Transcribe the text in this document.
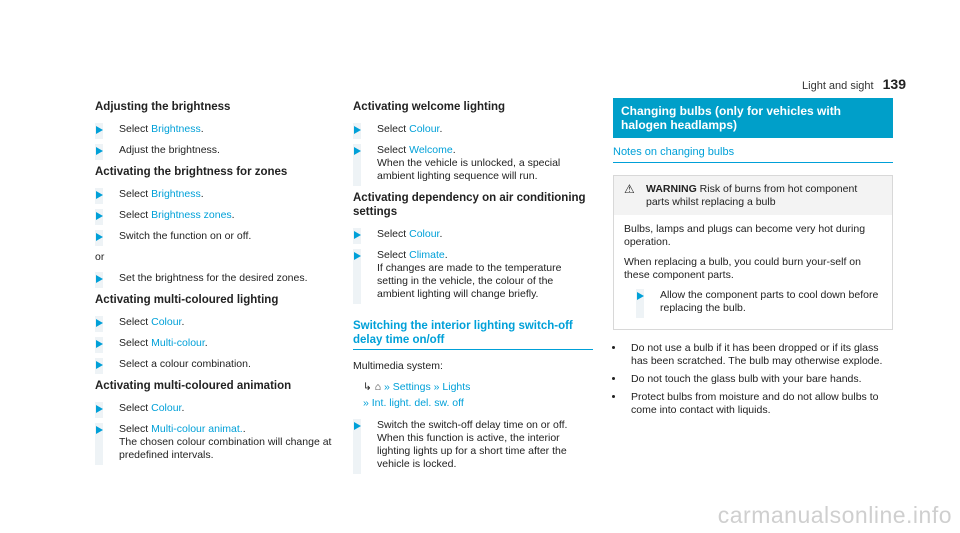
Light and sight 139
Adjusting the brightness
Select Brightness.
Adjust the brightness.
Activating the brightness for zones
Select Brightness.
Select Brightness zones.
Switch the function on or off.
or
Set the brightness for the desired zones.
Activating multi-coloured lighting
Select Colour.
Select Multi-colour.
Select a colour combination.
Activating multi-coloured animation
Select Colour.
Select Multi-colour animat..
The chosen colour combination will change at predefined intervals.
Activating welcome lighting
Select Colour.
Select Welcome.
When the vehicle is unlocked, a special ambient lighting sequence will run.
Activating dependency on air conditioning settings
Select Colour.
Select Climate.
If changes are made to the temperature setting in the vehicle, the colour of the ambient lighting will change briefly.
Switching the interior lighting switch-off delay time on/off
Multimedia system:
↳ ⌂ » Settings » Lights
» Int. light. del. sw. off
Switch the switch-off delay time on or off.
When this function is active, the interior lighting lights up for a short time after the vehicle is locked.
Changing bulbs (only for vehicles with halogen headlamps)
Notes on changing bulbs
⚠	WARNING Risk of burns from hot component parts whilst replacing a bulb

Bulbs, lamps and plugs can become very hot during operation.

When replacing a bulb, you could burn your-self on these component parts.

Allow the component parts to cool down before replacing the bulb.
• Do not use a bulb if it has been dropped or if its glass has been scratched. The bulb may otherwise explode.
• Do not touch the glass bulb with your bare hands.
• Protect bulbs from moisture and do not allow bulbs to come into contact with liquids.
carmanualsonline.info
